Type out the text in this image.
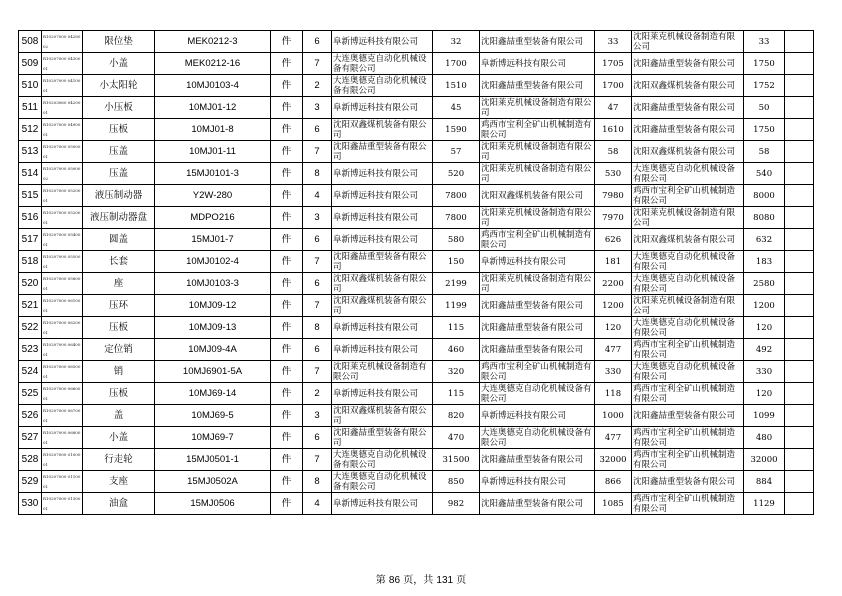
508	R10207000 0428002	限位垫	MEK0212-3	件	6	阜新博远科技有限公司	32	沈阳鑫喆重型装备有限公司	33	沈阳莱克机械设备制造有限公司	33	
509	R10207000 0430001	小盖	MEK0212-16	件	7	大连奥德克自动化机械设备有限公司	1700	阜新博远科技有限公司	1705	沈阳鑫喆重型装备有限公司	1750	
510	R10207000 0410001	小太阳轮	10MJ0103-4	件	2	大连奥德克自动化机械设备有限公司	1510	沈阳鑫喆重型装备有限公司	1700	沈阳双鑫煤机装备有限公司	1752	
511	R10203060 0420001	小压板	10MJ01-12	件	3	阜新博远科技有限公司	45	沈阳莱克机械设备制造有限公司	47	沈阳鑫喆重型装备有限公司	50	
512	R10207000 0490001	压板	10MJ01-8	件	6	沈阳双鑫煤机装备有限公司	1590	鸡西市宝利全矿山机械制造有限公司	1610	沈阳鑫喆重型装备有限公司	1750	
513	R10207000 0500001	压盖	10MJ01-11	件	7	沈阳鑫喆重型装备有限公司	57	沈阳莱克机械设备制造有限公司	58	沈阳双鑫煤机装备有限公司	58	
514	R10207000 0500002	压盖	15MJ0101-3	件	8	阜新博远科技有限公司	520	沈阳莱克机械设备制造有限公司	530	大连奥德克自动化机械设备有限公司	540	
515	R10207000 0520001	液压制动器	Y2W-280	件	4	阜新博远科技有限公司	7800	沈阳双鑫煤机装备有限公司	7980	鸡西市宝利全矿山机械制造有限公司	8000	
516	R10207000 0520001	液压制动器盘	MDPO216	件	3	阜新博远科技有限公司	7800	沈阳莱克机械设备制造有限公司	7970	沈阳莱克机械设备制造有限公司	8080	
517	R10207000 0540001	圆盖	15MJ01-7	件	6	阜新博远科技有限公司	580	鸡西市宝利全矿山机械制造有限公司	626	沈阳双鑫煤机装备有限公司	632	
518	R10207000 0550001	长套	10MJ0102-4	件	7	沈阳鑫喆重型装备有限公司	150	阜新博远科技有限公司	181	大连奥德克自动化机械设备有限公司	183	
520	R10207000 0580001	座	10MJ0103-3	件	6	沈阳双鑫煤机装备有限公司	2199	沈阳莱克机械设备制造有限公司	2200	大连奥德克自动化机械设备有限公司	2580	
521	R10207000 0610001	压环	10MJ09-12	件	7	沈阳双鑫煤机装备有限公司	1199	沈阳鑫喆重型装备有限公司	1200	沈阳莱克机械设备制造有限公司	1200	
522	R10207000 0620001	压板	10MJ09-13	件	8	阜新博远科技有限公司	115	沈阳鑫喆重型装备有限公司	120	大连奥德克自动化机械设备有限公司	120	
523	R10207000 0640001	定位销	10MJ09-4A	件	6	阜新博远科技有限公司	460	沈阳鑫喆重型装备有限公司	477	鸡西市宝利全矿山机械制造有限公司	492	
524	R10207000 0650001	销	10MJ6901-5A	件	7	沈阳莱克机械设备制造有限公司	320	鸡西市宝利全矿山机械制造有限公司	330	大连奥德克自动化机械设备有限公司	330	
525	R10207000 0660001	压板	10MJ69-14	件	2	阜新博远科技有限公司	115	大连奥德克自动化机械设备有限公司	118	鸡西市宝利全矿山机械制造有限公司	120	
526	R10207000 0670001	盖	10MJ69-5	件	3	沈阳双鑫煤机装备有限公司	820	阜新博远科技有限公司	1000	沈阳鑫喆重型装备有限公司	1099	
527	R10207000 0680001	小盖	10MJ69-7	件	6	沈阳鑫喆重型装备有限公司	470	大连奥德克自动化机械设备有限公司	477	鸡西市宝利全矿山机械制造有限公司	480	
528	R10207000 0100001	行走轮	15MJ0501-1	件	7	大连奥德克自动化机械设备有限公司	31500	沈阳鑫喆重型装备有限公司	32000	鸡西市宝利全矿山机械制造有限公司	32000	
529	R10207000 0110001	支座	15MJ0502A	件	8	大连奥德克自动化机械设备有限公司	850	阜新博远科技有限公司	866	沈阳鑫喆重型装备有限公司	884	
530	R10207000 0130001	油盒	15MJ0506	件	4	阜新博远科技有限公司	982	沈阳鑫喆重型装备有限公司	1085	鸡西市宝利全矿山机械制造有限公司	1129	
第 86 页，共 131 页
